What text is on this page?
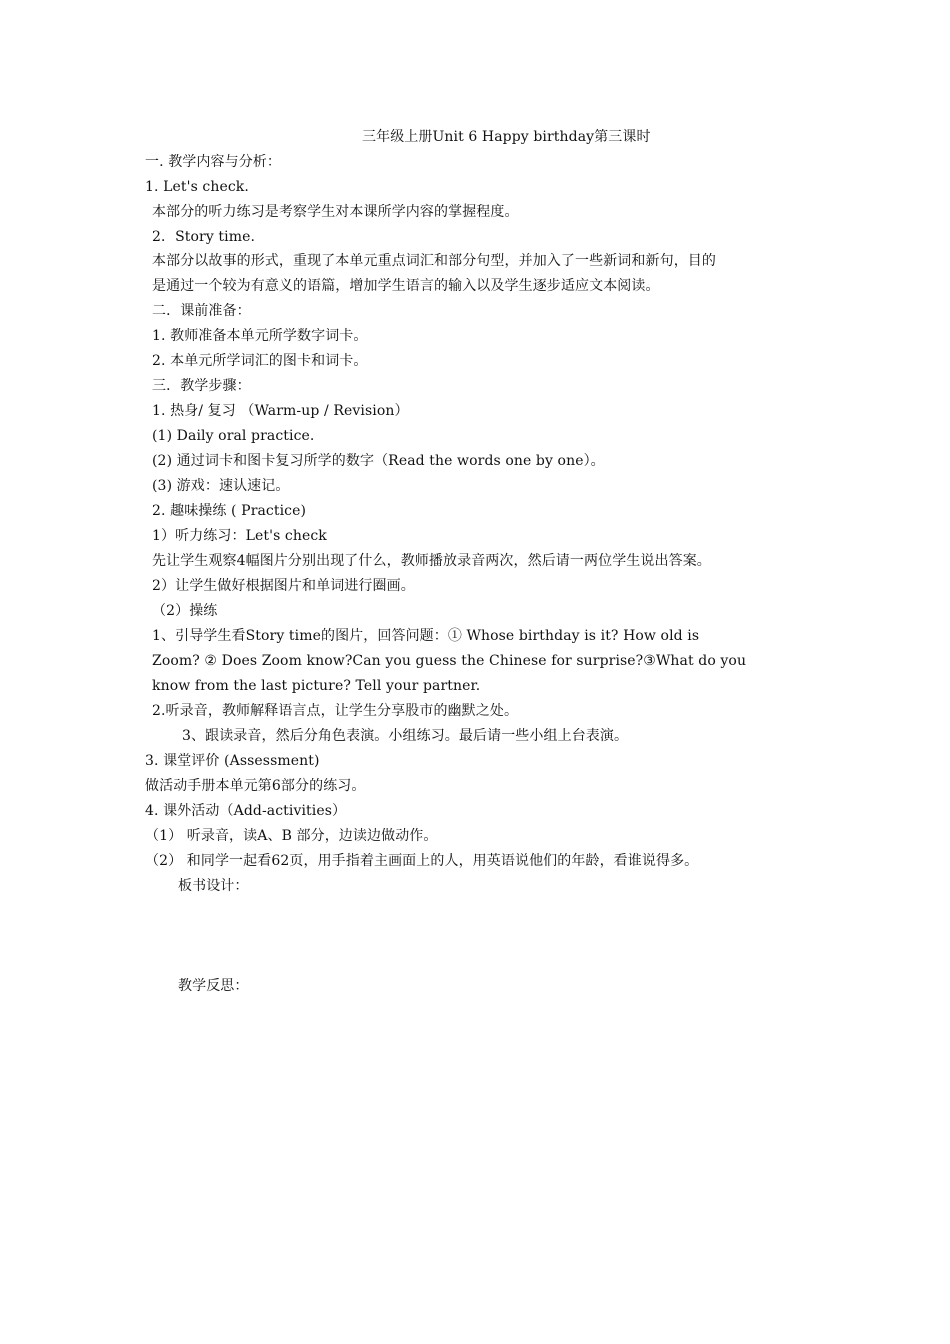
三年级上册Unit 6 Happy birthday第三课时
一. 教学内容与分析：
1. Let's check.
本部分的听力练习是考察学生对本课所学内容的掌握程度。
2．Story time.
本部分以故事的形式，重现了本单元重点词汇和部分句型，并加入了一些新词和新句，目的
是通过一个较为有意义的语篇，增加学生语言的输入以及学生逐步适应文本阅读。
二．课前准备：
1. 教师准备本单元所学数字词卡。
2. 本单元所学词汇的图卡和词卡。
三．教学步骤：
1. 热身/ 复习 （Warm-up / Revision）
(1) Daily oral practice.
(2) 通过词卡和图卡复习所学的数字（Read the words one by one）。
(3) 游戏：速认速记。
2. 趣味操练 ( Practice)
1）听力练习：Let's check
先让学生观察4幅图片分别出现了什么，教师播放录音两次，然后请一两位学生说出答案。
2）让学生做好根据图片和单词进行圈画。
（2）操练
1、引导学生看Story time的图片，回答问题：① Whose birthday is it? How old is
Zoom? ② Does Zoom know?Can you guess the Chinese for surprise?③What do you
know from the last picture? Tell your partner.
2.听录音，教师解释语言点，让学生分享股市的幽默之处。
3、跟读录音，然后分角色表演。小组练习。最后请一些小组上台表演。
3. 课堂评价 (Assessment)
做活动手册本单元第6部分的练习。
4. 课外活动（Add-activities）
（1） 听录音，读A、B 部分，边读边做动作。
（2） 和同学一起看62页，用手指着主画面上的人，用英语说他们的年龄，看谁说得多。
板书设计：
教学反思：
